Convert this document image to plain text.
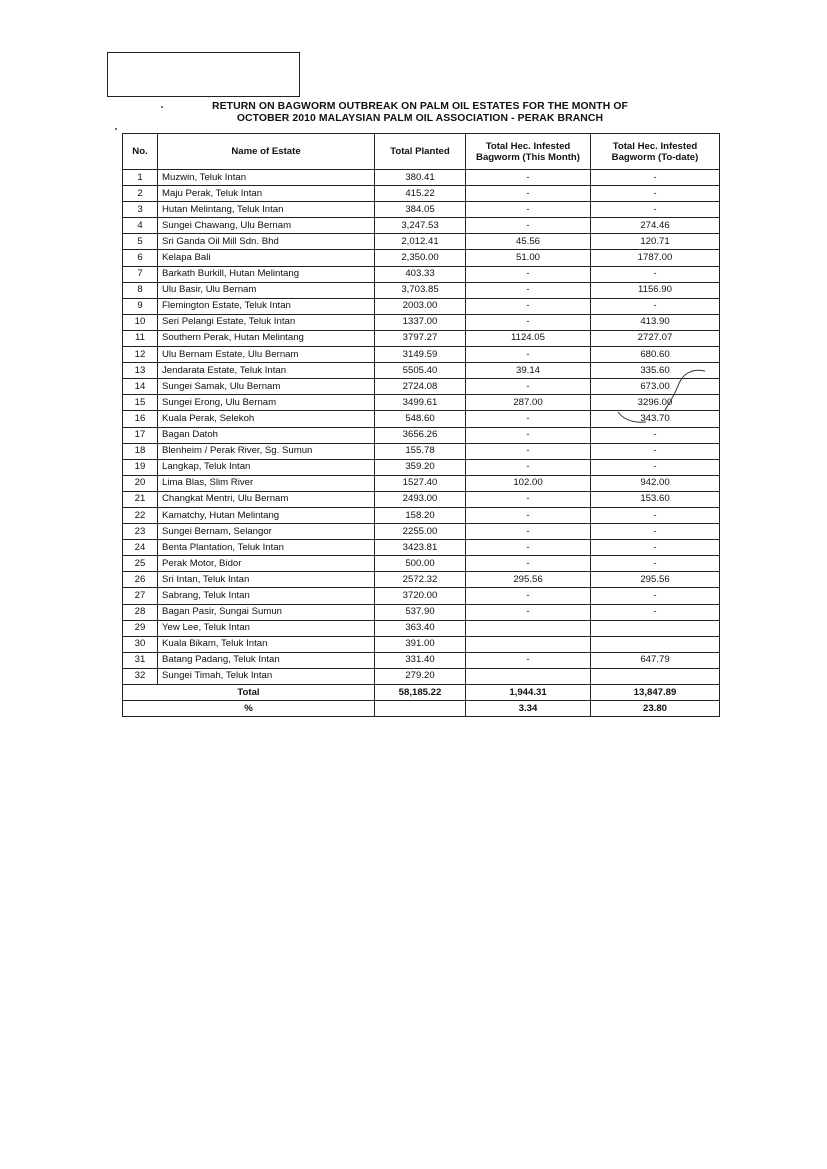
RETURN ON BAGWORM OUTBREAK ON PALM OIL ESTATES FOR THE MONTH OF
OCTOBER 2010 MALAYSIAN PALM OIL ASSOCIATION - PERAK BRANCH
No.	Name of Estate	Total Planted	Total Hec. Infested Bagworm (This Month)	Total Hec. Infested Bagworm (To-date)
1	Muzwin, Teluk Intan	380.41	-	-
2	Maju Perak, Teluk Intan	415.22	-	-
3	Hutan Melintang, Teluk Intan	384.05	-	-
4	Sungei Chawang, Ulu Bernam	3,247.53	-	274.46
5	Sri Ganda Oil Mill Sdn. Bhd	2,012.41	45.56	120.71
6	Kelapa Bali	2,350.00	51.00	1787.00
7	Barkath Burkill, Hutan Melintang	403.33	-	-
8	Ulu Basir, Ulu Bernam	3,703.85	-	1156.90
9	Flemington Estate, Teluk Intan	2003.00	-	-
10	Seri Pelangi Estate, Teluk Intan	1337.00	-	413.90
11	Southern Perak, Hutan Melintang	3797.27	1124.05	2727.07
12	Ulu Bernam Estate, Ulu Bernam	3149.59	-	680.60
13	Jendarata Estate, Teluk Intan	5505.40	39.14	335.60
14	Sungei Samak, Ulu Bernam	2724.08	-	673.00
15	Sungei Erong, Ulu Bernam	3499.61	287.00	3296.00
16	Kuala Perak, Selekoh	548.60	-	343.70
17	Bagan Datoh	3656.26	-	-
18	Blenheim / Perak River, Sg. Sumun	155.78	-	-
19	Langkap, Teluk Intan	359.20	-	-
20	Lima Blas, Slim River	1527.40	102.00	942.00
21	Changkat Mentri, Ulu Bernam	2493.00	-	153.60
22	Kamatchy, Hutan Melintang	158.20	-	-
23	Sungei Bernam, Selangor	2255.00	-	-
24	Benta Plantation, Teluk Intan	3423.81	-	-
25	Perak Motor, Bidor	500.00	-	-
26	Sri Intan, Teluk Intan	2572.32	295.56	295.56
27	Sabrang, Teluk Intan	3720.00	-	-
28	Bagan Pasir, Sungai Sumun	537.90	-	-
29	Yew Lee, Teluk Intan	363.40		
30	Kuala Bikam, Teluk Intan	391.00		
31	Batang Padang, Teluk Intan	331.40	-	647.79
32	Sungei Timah, Teluk Intan	279.20		
Total		58,185.22	1,944.31	13,847.89
%			3.34	23.80
